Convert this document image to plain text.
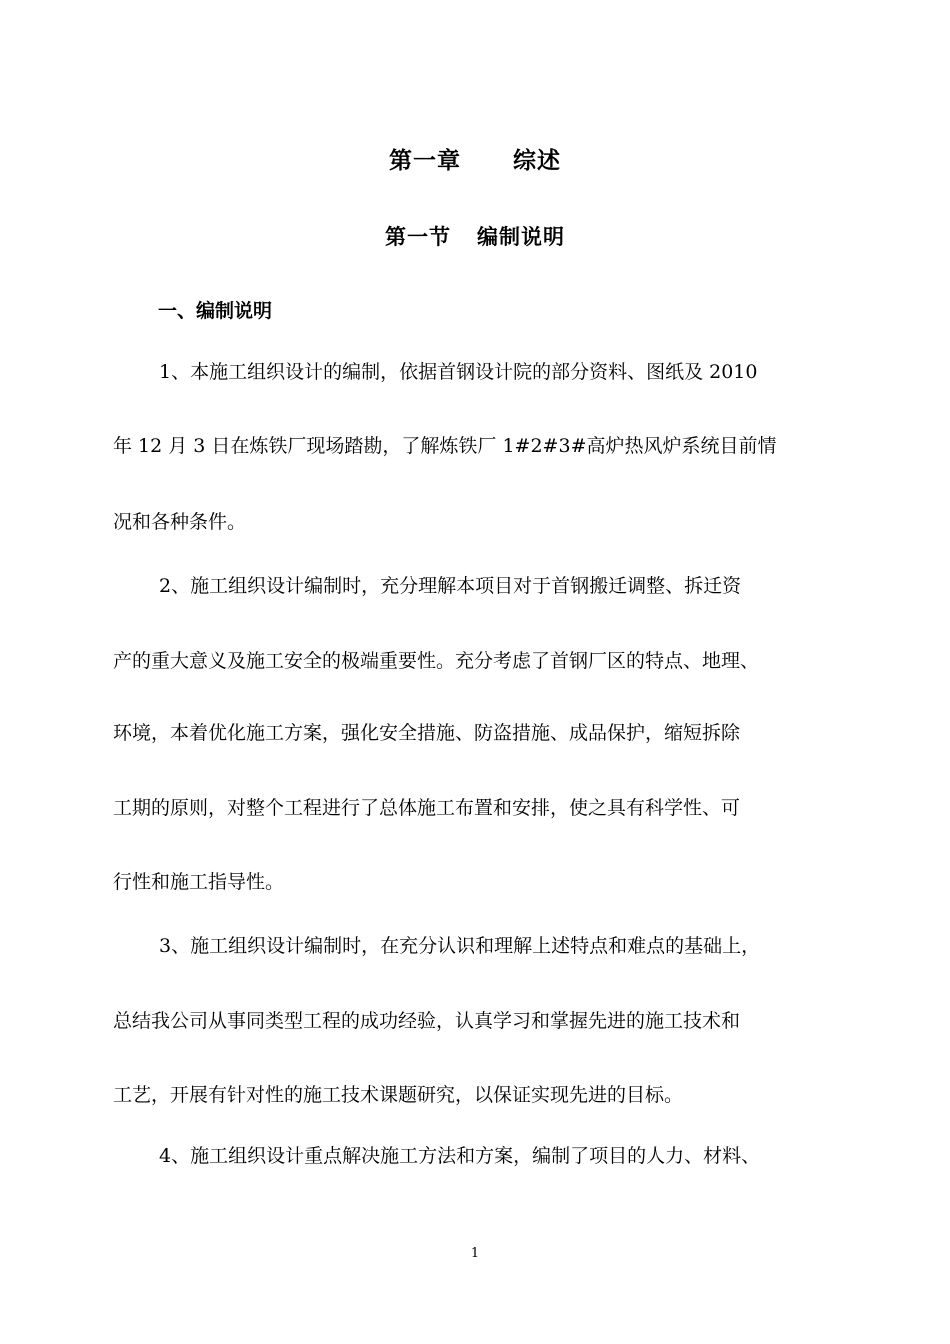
第一章 综述
第一节 编制说明
一、编制说明
1、本施工组织设计的编制，依据首钢设计院的部分资料、图纸及 2010
年 12 月 3 日在炼铁厂现场踏勘，了解炼铁厂 1#2#3#高炉热风炉系统目前情
况和各种条件。
2、施工组织设计编制时，充分理解本项目对于首钢搬迁调整、拆迁资
产的重大意义及施工安全的极端重要性。充分考虑了首钢厂区的特点、地理、
环境，本着优化施工方案，强化安全措施、防盗措施、成品保护，缩短拆除
工期的原则，对整个工程进行了总体施工布置和安排，使之具有科学性、可
行性和施工指导性。
3、施工组织设计编制时，在充分认识和理解上述特点和难点的基础上，
总结我公司从事同类型工程的成功经验，认真学习和掌握先进的施工技术和
工艺，开展有针对性的施工技术课题研究，以保证实现先进的目标。
4、施工组织设计重点解决施工方法和方案，编制了项目的人力、材料、
1
